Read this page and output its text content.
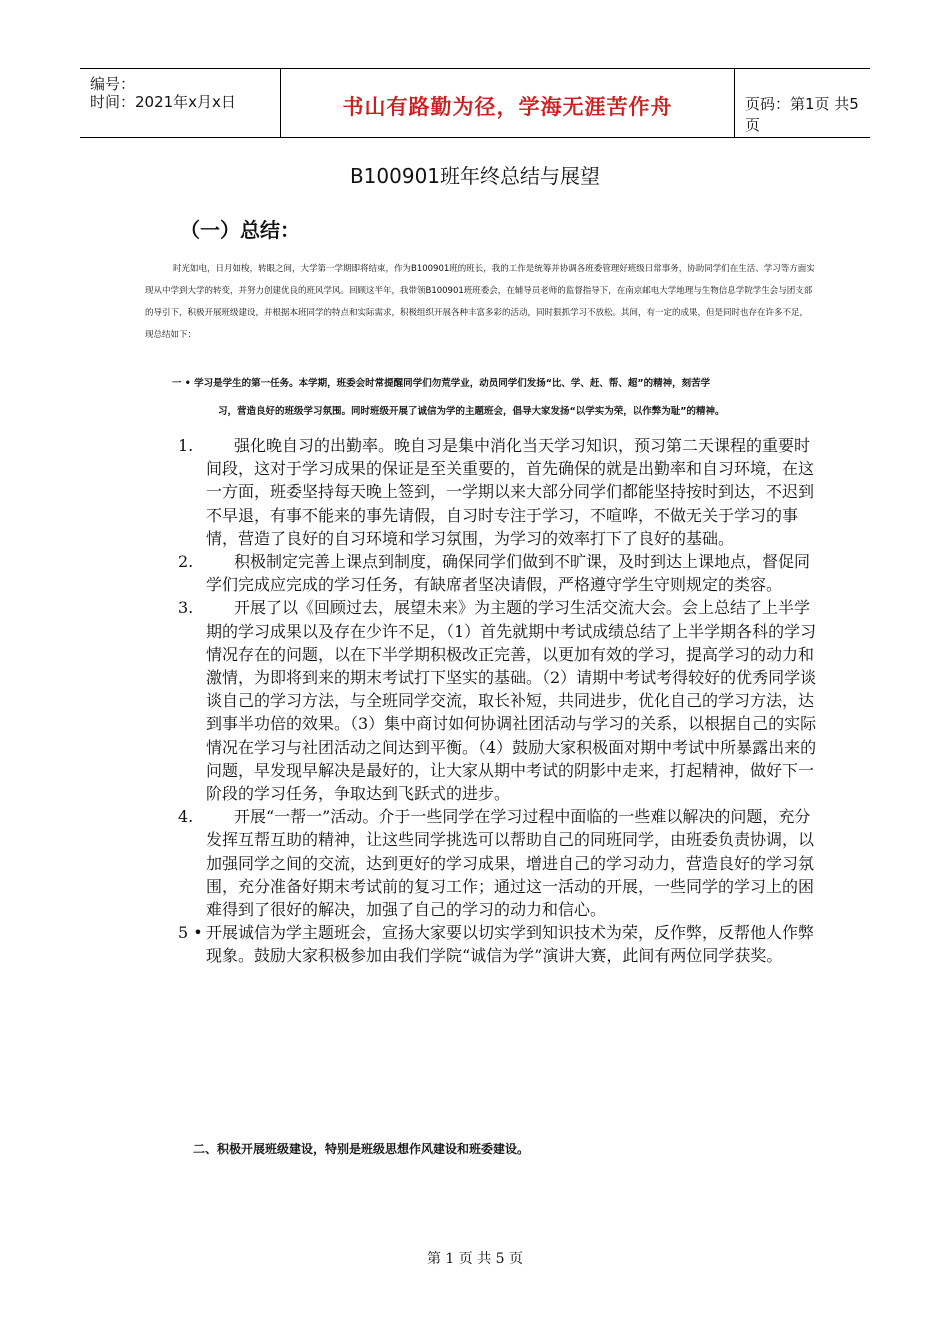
编号：
时间：2021年x月x日	书山有路勤为径，学海无涯苦作舟	页码：第1页 共5页
B100901班年终总结与展望
（一）总结：
时光如电，日月如梭，转眼之间，大学第一学期即将结束，作为B100901班的班长，我的工作是统筹并协调各班委管理好班级日常事务，协助同学们在生活、学习等方面实现从中学到大学的转变，并努力创建优良的班风学风。回顾这半年，我带领B100901班班委会，在辅导员老师的监督指导下，在南京邮电大学地理与生物信息学院学生会与团支部的导引下，积极开展班级建设，并根据本班同学的特点和实际需求，积极组织开展各种丰富多彩的活动，同时狠抓学习不放松。其间，有一定的成果，但是同时也存在许多不足，现总结如下：
一 • 学习是学生的第一任务。本学期，班委会时常提醒同学们勿荒学业，动员同学们发扬“比、学、赶、帮、超”的精神，刻苦学
习，营造良好的班级学习氛围。同时班级开展了诚信为学的主题班会，倡导大家发扬“以学实为荣，以作弊为耻”的精神。
1.	强化晚自习的出勤率。晚自习是集中消化当天学习知识，预习第二天课程的重要时间段，这对于学习成果的保证是至关重要的，首先确保的就是出勤率和自习环境，在这一方面，班委坚持每天晚上签到，一学期以来大部分同学们都能坚持按时到达，不迟到不早退，有事不能来的事先请假，自习时专注于学习，不喧哗，不做无关于学习的事情，营造了良好的自习环境和学习氛围，为学习的效率打下了良好的基础。
2.	积极制定完善上课点到制度，确保同学们做到不旷课，及时到达上课地点，督促同学们完成应完成的学习任务，有缺席者坚决请假，严格遵守学生守则规定的类容。
3.	开展了以《回顾过去，展望未来》为主题的学习生活交流大会。会上总结了上半学期的学习成果以及存在少许不足，（1）首先就期中考试成绩总结了上半学期各科的学习情况存在的问题，以在下半学期积极改正完善，以更加有效的学习，提高学习的动力和激情，为即将到来的期末考试打下坚实的基础。（2）请期中考试考得较好的优秀同学谈谈自己的学习方法，与全班同学交流，取长补短，共同进步，优化自己的学习方法，达到事半功倍的效果。（3）集中商讨如何协调社团活动与学习的关系，以根据自己的实际情况在学习与社团活动之间达到平衡。（4）鼓励大家积极面对期中考试中所暴露出来的问题，早发现早解决是最好的，让大家从期中考试的阴影中走来，打起精神，做好下一阶段的学习任务，争取达到飞跃式的进步。
4.	开展“一帮一”活动。介于一些同学在学习过程中面临的一些难以解决的问题，充分发挥互帮互助的精神，让这些同学挑选可以帮助自己的同班同学，由班委负责协调，以加强同学之间的交流，达到更好的学习成果，增进自己的学习动力，营造良好的学习氛围，充分准备好期末考试前的复习工作；通过这一活动的开展，一些同学的学习上的困难得到了很好的解决，加强了自己的学习的动力和信心。
5 • 开展诚信为学主题班会，宣扬大家要以切实学到知识技术为荣，反作弊，反帮他人作弊现象。鼓励大家积极参加由我们学院“诚信为学”演讲大赛，此间有两位同学获奖。
二、积极开展班级建设，特别是班级思想作风建设和班委建设。
第 1 页 共 5 页
